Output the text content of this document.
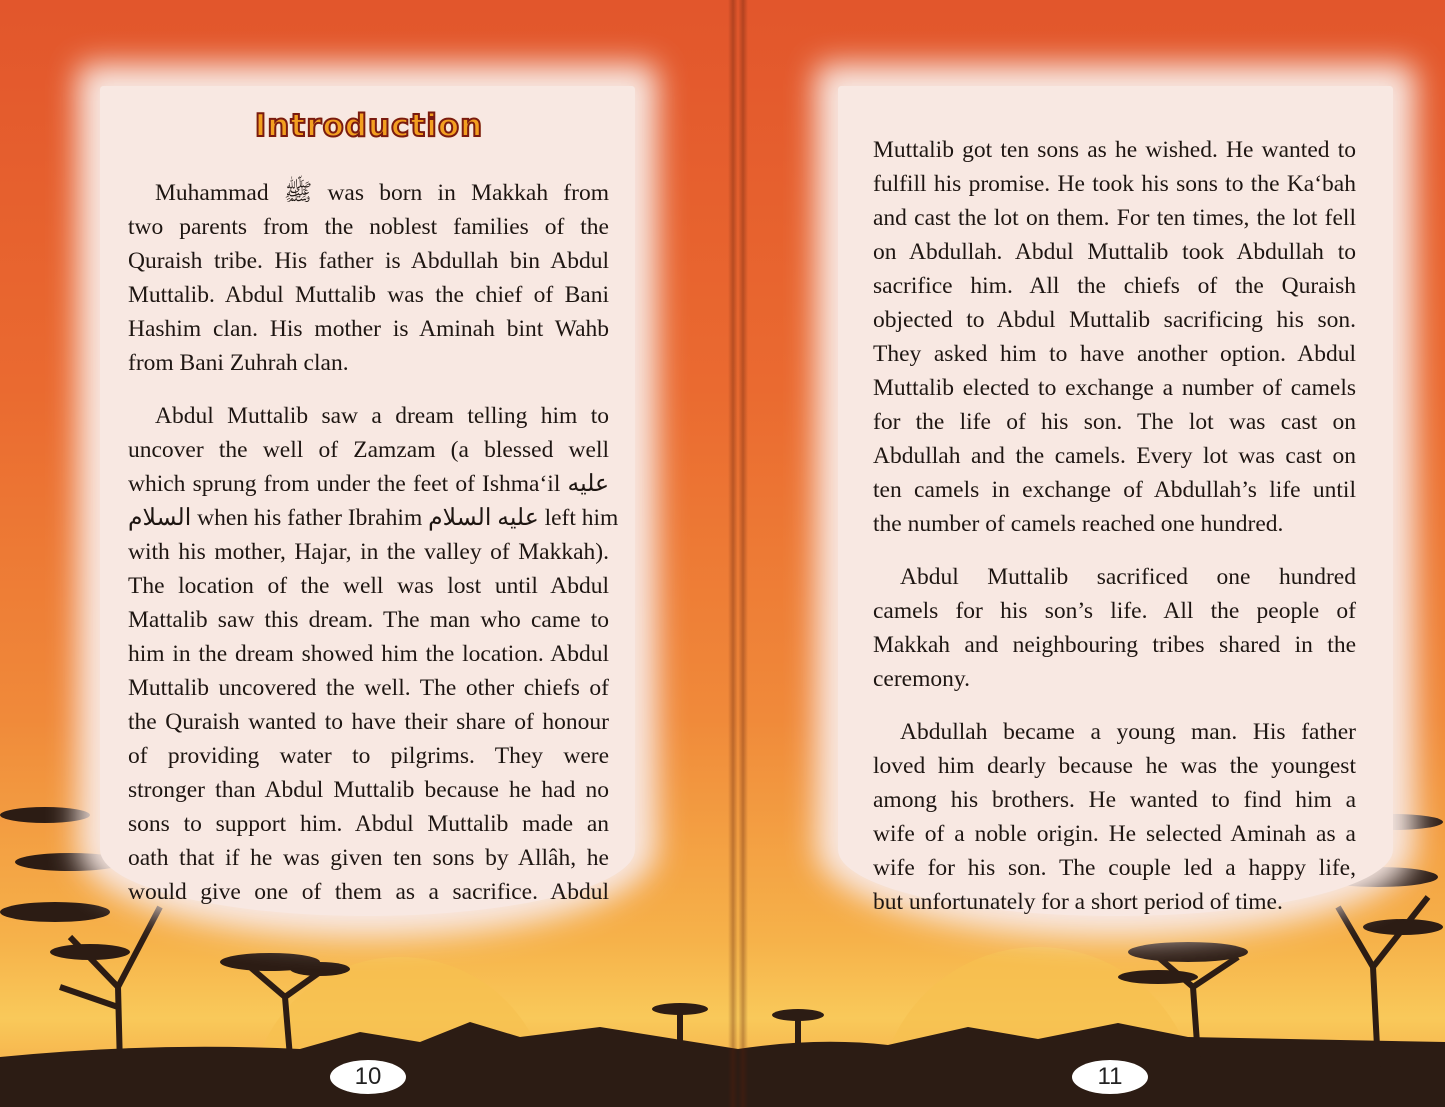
Introduction
Muhammad ﷺ was born in Makkah from
two parents from the noblest families of the
Quraish tribe. His father is Abdullah bin Abdul
Muttalib. Abdul Muttalib was the chief of Bani
Hashim clan. His mother is Aminah bint Wahb
from Bani Zuhrah clan.
Abdul Muttalib saw a dream telling him to
uncover the well of Zamzam (a blessed well
which sprung from under the feet of Ishma‘il عليه
السلام when his father Ibrahim عليه السلام left him
with his mother, Hajar, in the valley of Makkah).
The location of the well was lost until Abdul
Mattalib saw this dream. The man who came to
him in the dream showed him the location. Abdul
Muttalib uncovered the well. The other chiefs of
the Quraish wanted to have their share of honour
of providing water to pilgrims. They were
stronger than Abdul Muttalib because he had no
sons to support him. Abdul Muttalib made an
oath that if he was given ten sons by Allâh, he
would give one of them as a sacrifice. Abdul
10
Muttalib got ten sons as he wished. He wanted to
fulfill his promise. He took his sons to the Ka‘bah
and cast the lot on them. For ten times, the lot fell
on Abdullah. Abdul Muttalib took Abdullah to
sacrifice him. All the chiefs of the Quraish
objected to Abdul Muttalib sacrificing his son.
They asked him to have another option. Abdul
Muttalib elected to exchange a number of camels
for the life of his son. The lot was cast on
Abdullah and the camels. Every lot was cast on
ten camels in exchange of Abdullah’s life until
the number of camels reached one hundred.
Abdul Muttalib sacrificed one hundred
camels for his son’s life. All the people of
Makkah and neighbouring tribes shared in the
ceremony.
Abdullah became a young man. His father
loved him dearly because he was the youngest
among his brothers. He wanted to find him a
wife of a noble origin. He selected Aminah as a
wife for his son. The couple led a happy life,
but unfortunately for a short period of time.
11
